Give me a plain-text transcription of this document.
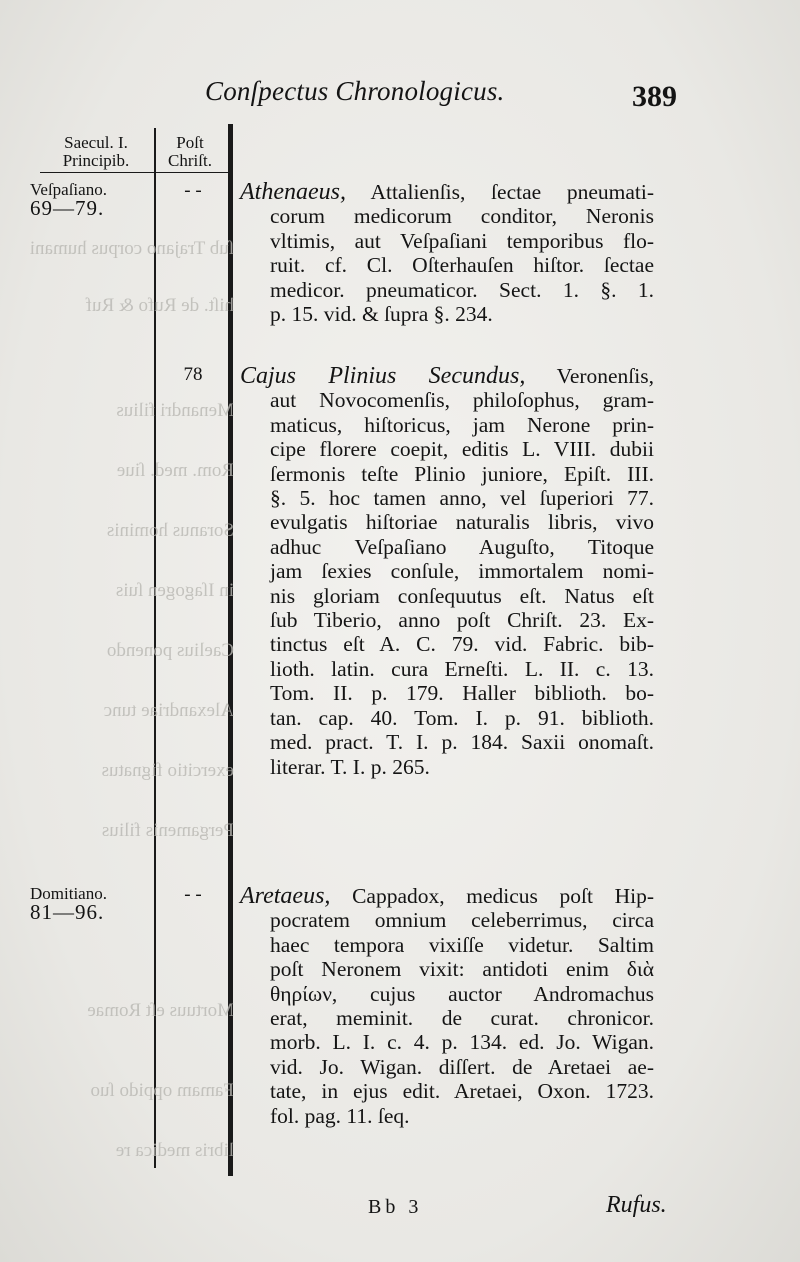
Conſpectus Chronologicus.	389
Saecul. I.
Principib.
Poſt
Chriſt.
ſub Trajano corpus humani
hiſt. de Rufo & Ruf
Menandri filius
Rom. med. ſiue
Soranus hominis
in Iſagogen ſuis
Caelius ponendo
Alexandriae tunc
exercitio fignatus
Pergamenis filius
Mortuus eſt Romae
Famam oppido ſuo
libris medica re
Veſpaſiano.
69—79.
Domitiano.
81—96.
- -
78
- -
Athenaeus, Attalienſis, ſectae pneumati-
corum medicorum conditor, Neronis
vltimis, aut Veſpaſiani temporibus flo-
ruit. cf. Cl. Oſterhauſen hiſtor. ſectae
medicor. pneumaticor. Sect. 1. §. 1.
p. 15. vid. & ſupra §. 234.
Cajus Plinius Secundus, Veronenſis,
aut Novocomenſis, philoſophus, gram-
maticus, hiſtoricus, jam Nerone prin-
cipe florere coepit, editis L. VIII. dubii
ſermonis teſte Plinio juniore, Epiſt. III.
§. 5. hoc tamen anno, vel ſuperiori 77.
evulgatis hiſtoriae naturalis libris, vivo
adhuc Veſpaſiano Auguſto, Titoque
jam ſexies conſule, immortalem nomi-
nis gloriam conſequutus eſt. Natus eſt
ſub Tiberio, anno poſt Chriſt. 23. Ex-
tinctus eſt A. C. 79. vid. Fabric. bib-
lioth. latin. cura Erneſti. L. II. c. 13.
Tom. II. p. 179. Haller biblioth. bo-
tan. cap. 40. Tom. I. p. 91. biblioth.
med. pract. T. I. p. 184. Saxii onomaſt.
literar. T. I. p. 265.
Aretaeus, Cappadox, medicus poſt Hip-
pocratem omnium celeberrimus, circa
haec tempora vixiſſe videtur. Saltim
poſt Neronem vixit: antidoti enim διὰ
θηρίων, cujus auctor Andromachus
erat, meminit. de curat. chronicor.
morb. L. I. c. 4. p. 134. ed. Jo. Wigan.
vid. Jo. Wigan. diſſert. de Aretaei ae-
tate, in ejus edit. Aretaei, Oxon. 1723.
fol. pag. 11. ſeq.
Bb 3	Rufus.
